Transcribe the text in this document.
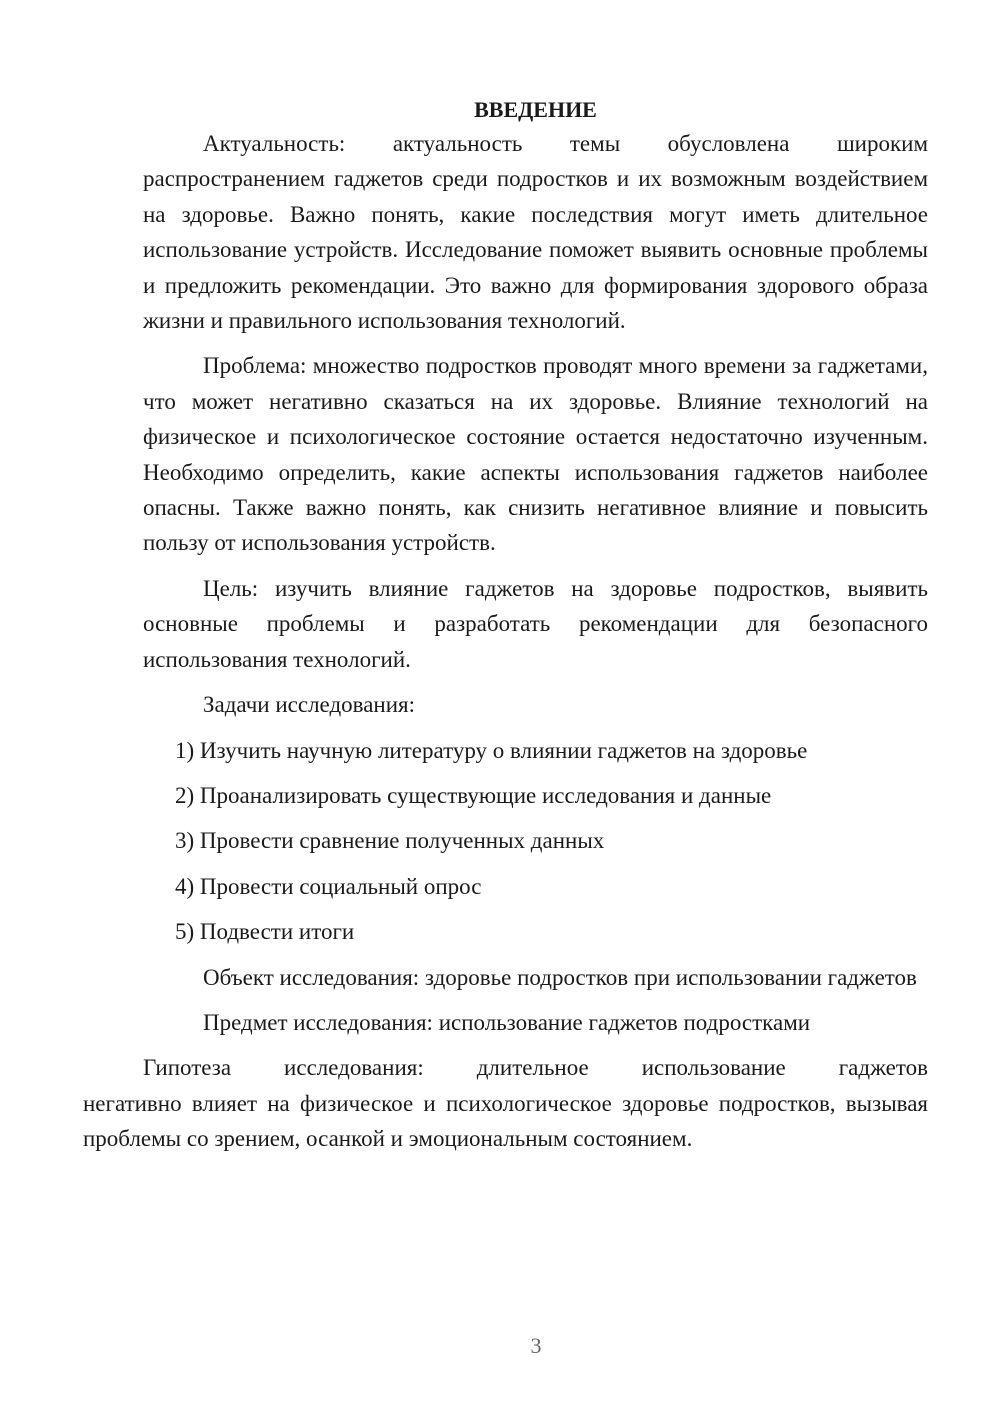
ВВЕДЕНИЕ

Актуальность: актуальность темы обусловлена широким распространением гаджетов среди подростков и их возможным воздействием на здоровье. Важно понять, какие последствия могут иметь длительное использование устройств. Исследование поможет выявить основные проблемы и предложить рекомендации. Это важно для формирования здорового образа жизни и правильного использования технологий.

Проблема: множество подростков проводят много времени за гаджетами, что может негативно сказаться на их здоровье. Влияние технологий на физическое и психологическое состояние остается недостаточно изученным. Необходимо определить, какие аспекты использования гаджетов наиболее опасны. Также важно понять, как снизить негативное влияние и повысить пользу от использования устройств.

Цель: изучить влияние гаджетов на здоровье подростков, выявить основные проблемы и разработать рекомендации для безопасного использования технологий.

Задачи исследования:

1) Изучить научную литературу о влиянии гаджетов на здоровье
2) Проанализировать существующие исследования и данные
3) Провести сравнение полученных данных
4) Провести социальный опрос
5) Подвести итоги

Объект исследования: здоровье подростков при использовании гаджетов

Предмет исследования: использование гаджетов подростками

Гипотеза исследования: длительное использование гаджетов
негативно влияет на физическое и психологическое здоровье подростков, вызывая проблемы со зрением, осанкой и эмоциональным состоянием.

3
